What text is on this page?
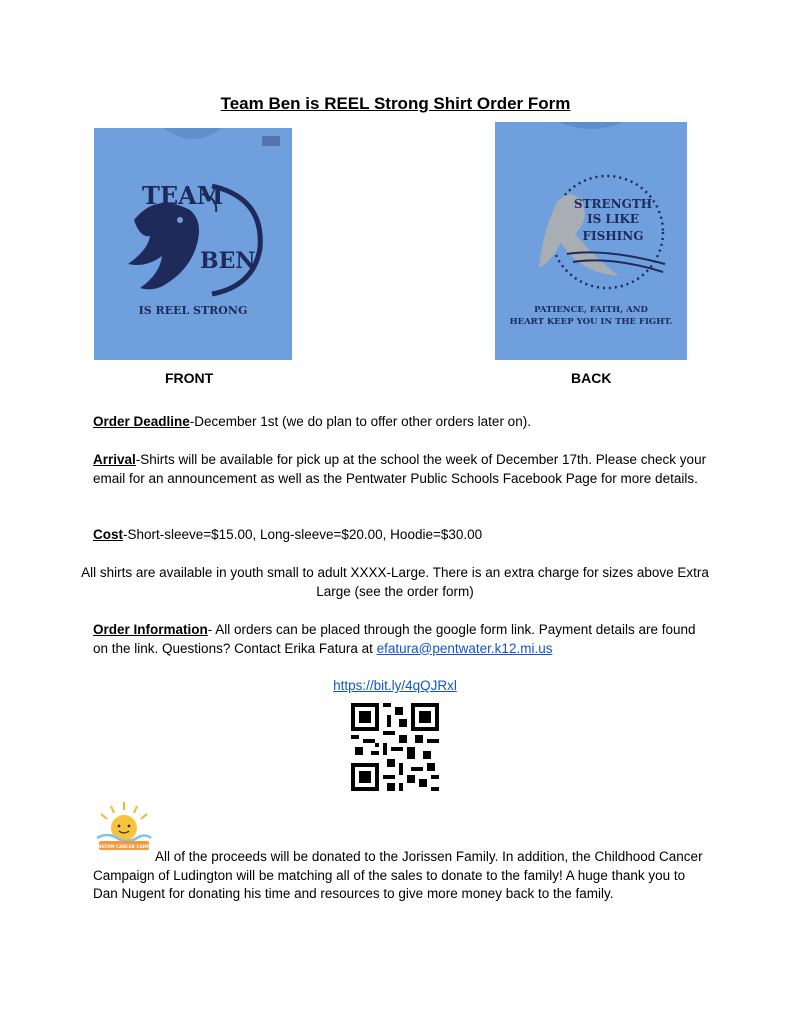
Team Ben is REEL Strong Shirt Order Form
TEAM
BEN
IS REEL STRONG
STRENGTH
IS LIKE
FISHING
PATIENCE, FAITH, AND
HEART KEEP YOU IN THE FIGHT.
FRONT	BACK
Order Deadline-December 1st (we do plan to offer other orders later on).
Arrival-Shirts will be available for pick up at the school the week of December 17th. Please check your email for an announcement as well as the Pentwater Public Schools Facebook Page for more details.
Cost-Short-sleeve=$15.00, Long-sleeve=$20.00, Hoodie=$30.00
All shirts are available in youth small to adult XXXX-Large. There is an extra charge for sizes above Extra Large (see the order form)
Order Information- All orders can be placed through the google form link. Payment details are found on the link. Questions? Contact Erika Fatura at efatura@pentwater.k12.mi.us
https://bit.ly/4qQJRxl
LUDINGTON CANCER CAMPAIGN
All of the proceeds will be donated to the Jorissen Family. In addition, the Childhood Cancer Campaign of Ludington will be matching all of the sales to donate to the family! A huge thank you to Dan Nugent for donating his time and resources to give more money back to the family.
